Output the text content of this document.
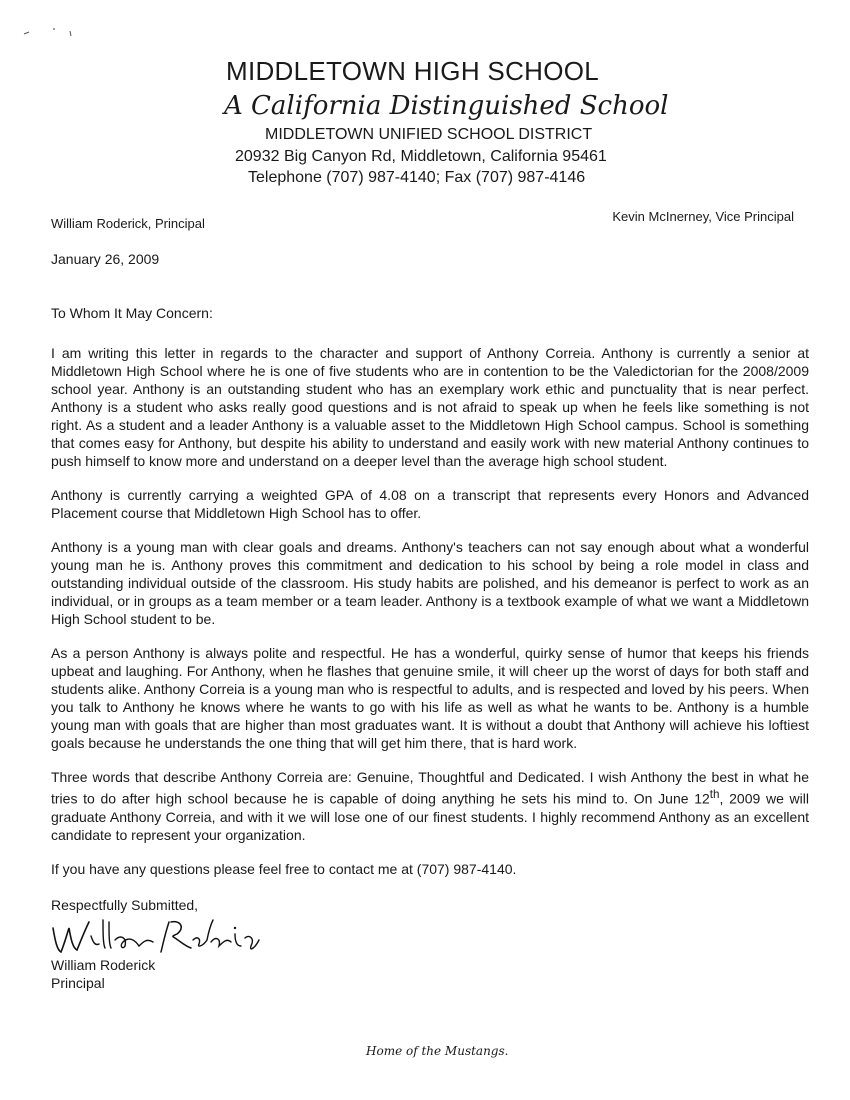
MIDDLETOWN HIGH SCHOOL
A California Distinguished School
MIDDLETOWN UNIFIED SCHOOL DISTRICT
20932 Big Canyon Rd, Middletown, California 95461
Telephone (707) 987-4140; Fax (707) 987-4146
William Roderick, Principal	Kevin McInerney, Vice Principal

January 26, 2009

To Whom It May Concern:

I am writing this letter in regards to the character and support of Anthony Correia. Anthony is currently a senior at Middletown High School where he is one of five students who are in contention to be the Valedictorian for the 2008/2009 school year. Anthony is an outstanding student who has an exemplary work ethic and punctuality that is near perfect. Anthony is a student who asks really good questions and is not afraid to speak up when he feels like something is not right. As a student and a leader Anthony is a valuable asset to the Middletown High School campus. School is something that comes easy for Anthony, but despite his ability to understand and easily work with new material Anthony continues to push himself to know more and understand on a deeper level than the average high school student.

Anthony is currently carrying a weighted GPA of 4.08 on a transcript that represents every Honors and Advanced Placement course that Middletown High School has to offer.

Anthony is a young man with clear goals and dreams. Anthony's teachers can not say enough about what a wonderful young man he is. Anthony proves this commitment and dedication to his school by being a role model in class and outstanding individual outside of the classroom. His study habits are polished, and his demeanor is perfect to work as an individual, or in groups as a team member or a team leader. Anthony is a textbook example of what we want a Middletown High School student to be.

As a person Anthony is always polite and respectful. He has a wonderful, quirky sense of humor that keeps his friends upbeat and laughing. For Anthony, when he flashes that genuine smile, it will cheer up the worst of days for both staff and students alike. Anthony Correia is a young man who is respectful to adults, and is respected and loved by his peers. When you talk to Anthony he knows where he wants to go with his life as well as what he wants to be. Anthony is a humble young man with goals that are higher than most graduates want. It is without a doubt that Anthony will achieve his loftiest goals because he understands the one thing that will get him there, that is hard work.

Three words that describe Anthony Correia are: Genuine, Thoughtful and Dedicated. I wish Anthony the best in what he tries to do after high school because he is capable of doing anything he sets his mind to. On June 12th, 2009 we will graduate Anthony Correia, and with it we will lose one of our finest students. I highly recommend Anthony as an excellent candidate to represent your organization.

If you have any questions please feel free to contact me at (707) 987-4140.

Respectfully Submitted,

William Roderick

Principal

Home of the Mustangs.
